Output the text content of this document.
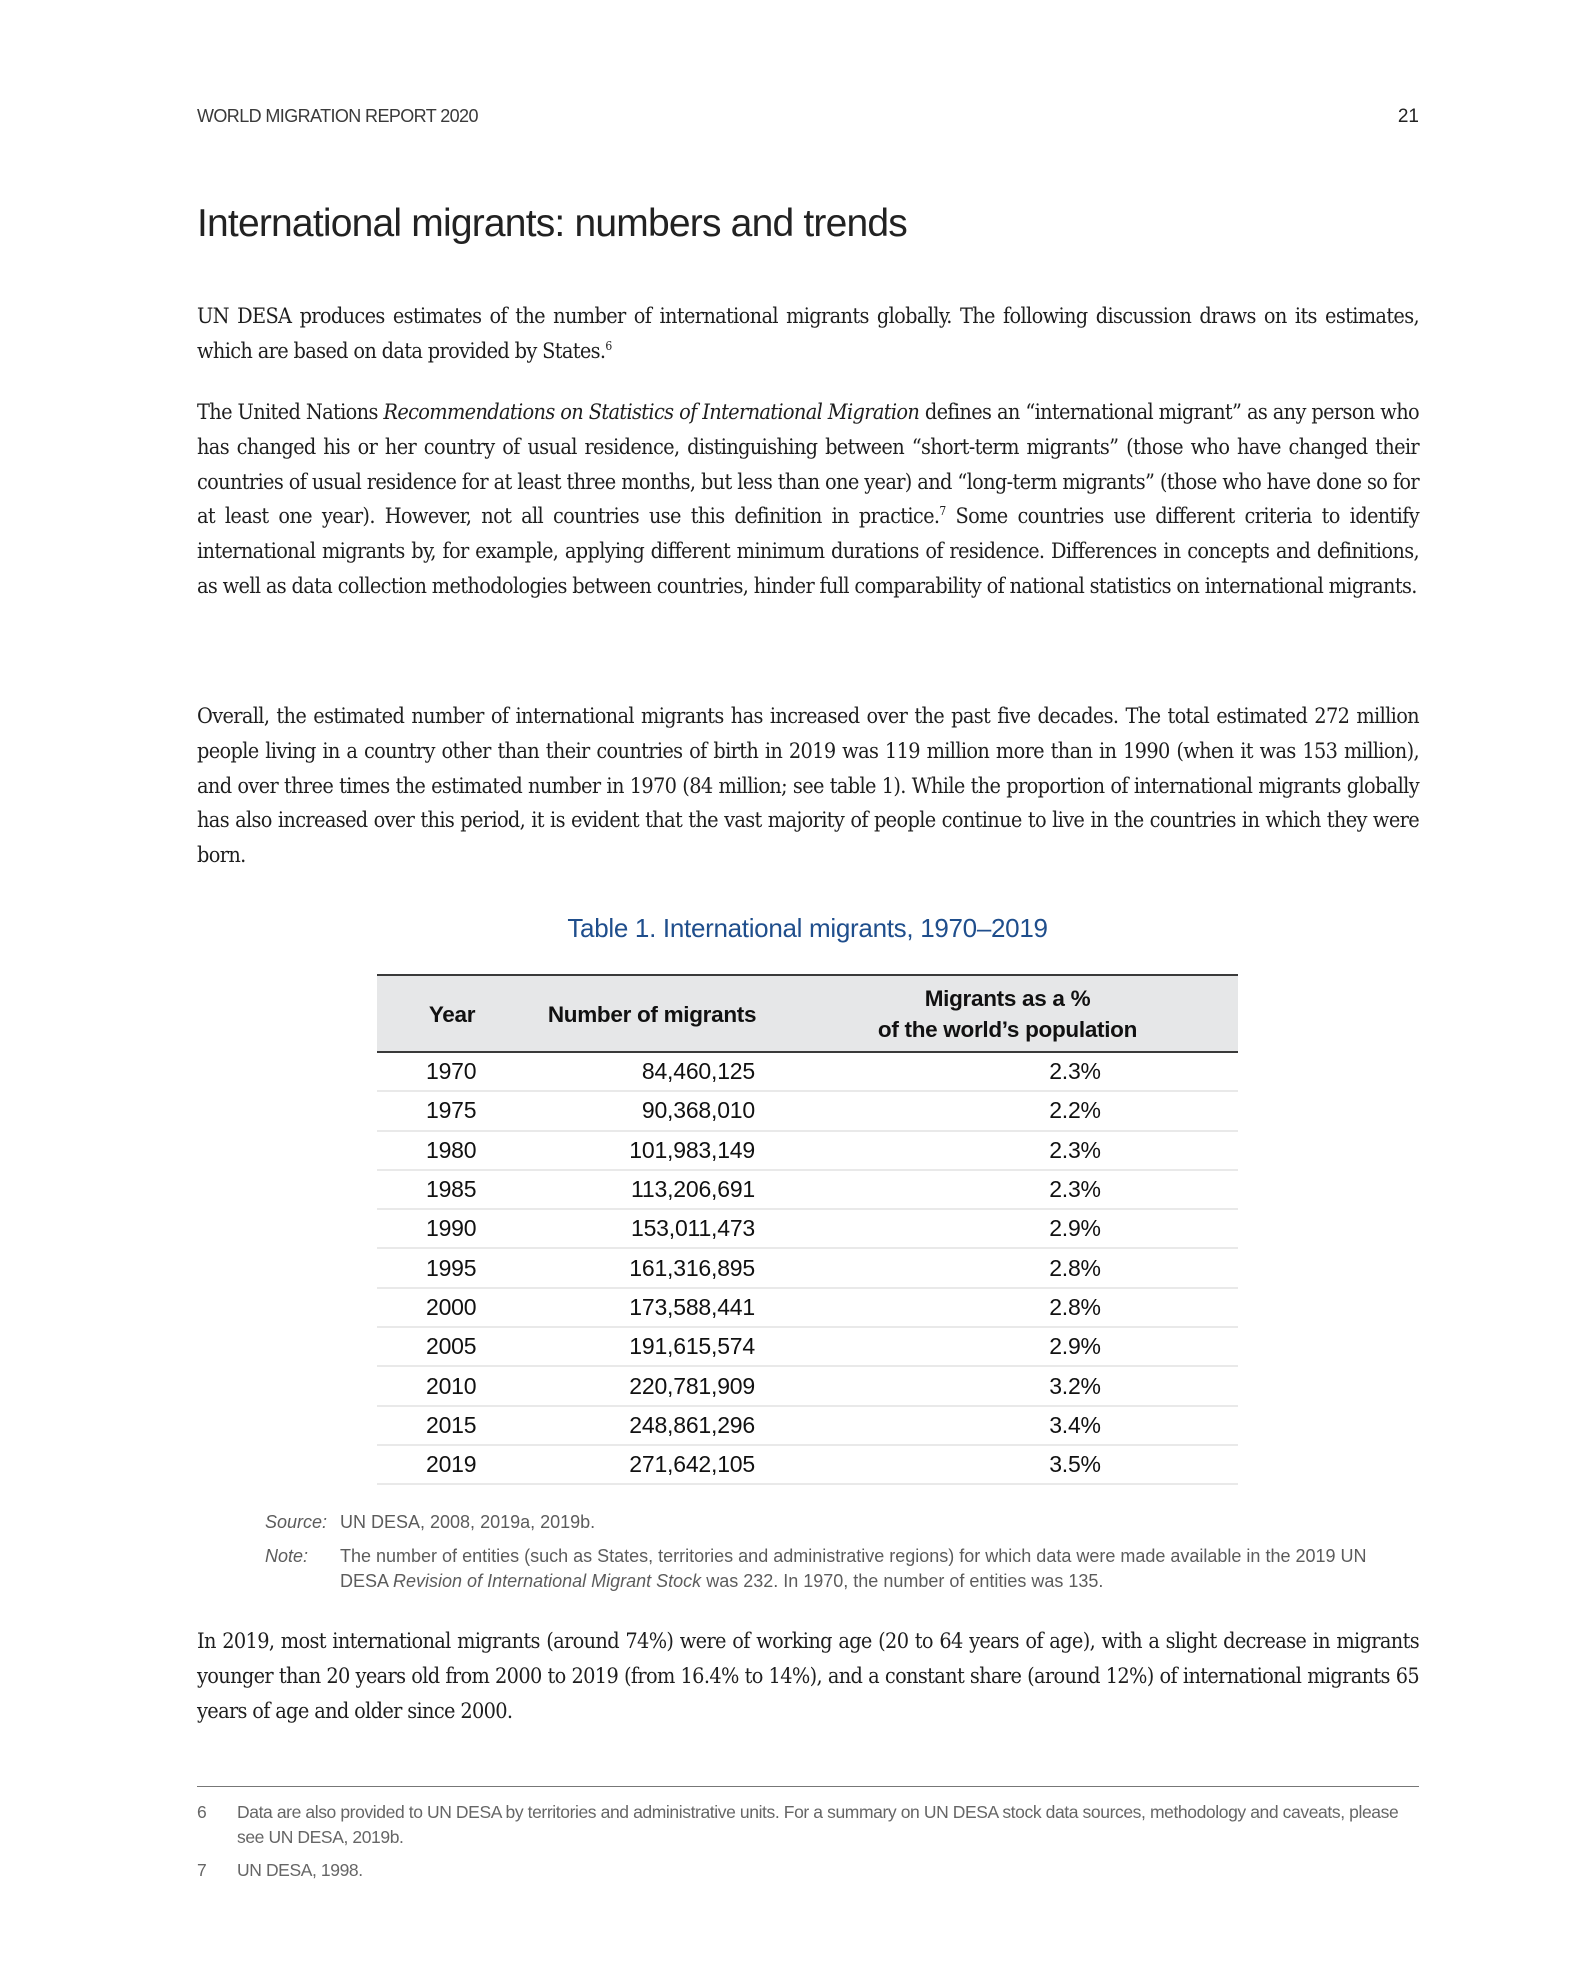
WORLD MIGRATION REPORT 2020	21
International migrants: numbers and trends

UN DESA produces estimates of the number of international migrants globally. The following discussion draws on its estimates, which are based on data provided by States.$^6$

The United Nations Recommendations on Statistics of International Migration defines an “international migrant” as any person who has changed his or her country of usual residence, distinguishing between “short-term migrants” (those who have changed their countries of usual residence for at least three months, but less than one year) and “long-term migrants” (those who have done so for at least one year). However, not all countries use this definition in practice.$^7$ Some countries use different criteria to identify international migrants by, for example, applying different minimum durations of residence. Differences in concepts and definitions, as well as data collection methodologies between countries, hinder full comparability of national statistics on international migrants.

Overall, the estimated number of international migrants has increased over the past five decades. The total estimated 272 million people living in a country other than their countries of birth in 2019 was 119 million more than in 1990 (when it was 153 million), and over three times the estimated number in 1970 (84 million; see table 1). While the proportion of international migrants globally has also increased over this period, it is evident that the vast majority of people continue to live in the countries in which they were born.

Table 1. International migrants, 1970–2019
Year	Number of migrants	Migrants as a %
of the world’s population

1970	84,460,125	2.3%
1975	90,368,010	2.2%
1980	101,983,149	2.3%
1985	113,206,691	2.3%
1990	153,011,473	2.9%
1995	161,316,895	2.8%
2000	173,588,441	2.8%
2005	191,615,574	2.9%
2010	220,781,909	3.2%
2015	248,861,296	3.4%
2019	271,642,105	3.5%
Source: UN DESA, 2008, 2019a, 2019b.
Note:	The number of entities (such as States, territories and administrative regions) for which data were made available in the 2019 UN DESA Revision of International Migrant Stock was 232. In 1970, the number of entities was 135.

In 2019, most international migrants (around 74%) were of working age (20 to 64 years of age), with a slight decrease in migrants younger than 20 years old from 2000 to 2019 (from 16.4% to 14%), and a constant share (around 12%) of international migrants 65 years of age and older since 2000.

6	Data are also provided to UN DESA by territories and administrative units. For a summary on UN DESA stock data sources, methodology and caveats, please see UN DESA, 2019b.
7	UN DESA, 1998.
